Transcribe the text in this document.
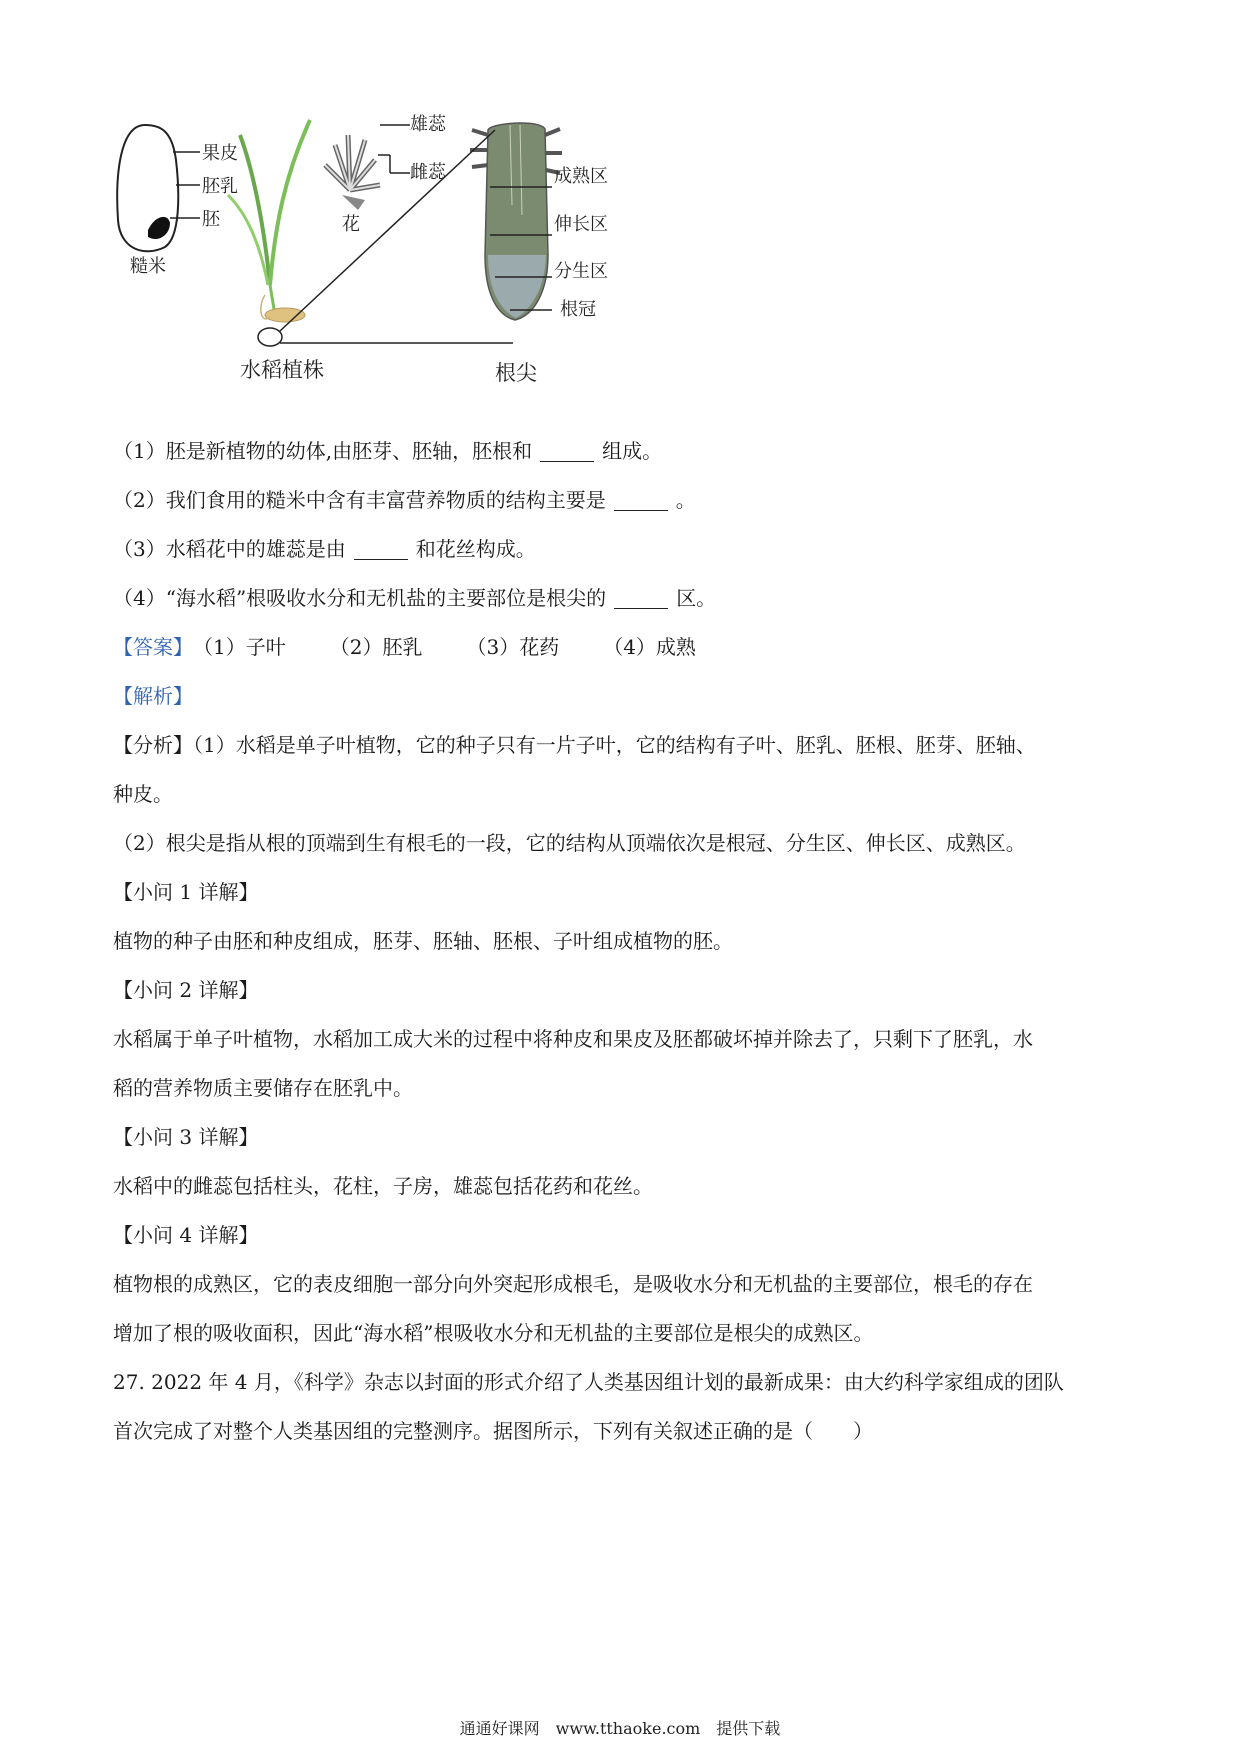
果皮
胚乳
胚
糙米
雄蕊
雌蕊
花
成熟区
伸长区
分生区
根冠
水稻植株	根尖
（1）胚是新植物的幼体,由胚芽、胚轴，胚根和	组成。
（2）我们食用的糙米中含有丰富营养物质的结构主要是	。
（3）水稻花中的雄蕊是由	和花丝构成。
（4）“海水稻”根吸收水分和无机盐的主要部位是根尖的	区。
【答案】（1）子叶 （2）胚乳 （3）花药 （4）成熟
【解析】
【分析】（1）水稻是单子叶植物，它的种子只有一片子叶，它的结构有子叶、胚乳、胚根、胚芽、胚轴、
种皮。
（2）根尖是指从根的顶端到生有根毛的一段，它的结构从顶端依次是根冠、分生区、伸长区、成熟区。
【小问 1 详解】
植物的种子由胚和种皮组成，胚芽、胚轴、胚根、子叶组成植物的胚。
【小问 2 详解】
水稻属于单子叶植物，水稻加工成大米的过程中将种皮和果皮及胚都破坏掉并除去了，只剩下了胚乳，水
稻的营养物质主要储存在胚乳中。
【小问 3 详解】
水稻中的雌蕊包括柱头，花柱，子房，雄蕊包括花药和花丝。
【小问 4 详解】
植物根的成熟区，它的表皮细胞一部分向外突起形成根毛，是吸收水分和无机盐的主要部位，根毛的存在
增加了根的吸收面积，因此“海水稻”根吸收水分和无机盐的主要部位是根尖的成熟区。
27. 2022 年 4 月，《科学》杂志以封面的形式介绍了人类基因组计划的最新成果：由大约科学家组成的团队
首次完成了对整个人类基因组的完整测序。据图所示，下列有关叙述正确的是（　　）
通通好课网　www.tthaoke.com　提供下载
